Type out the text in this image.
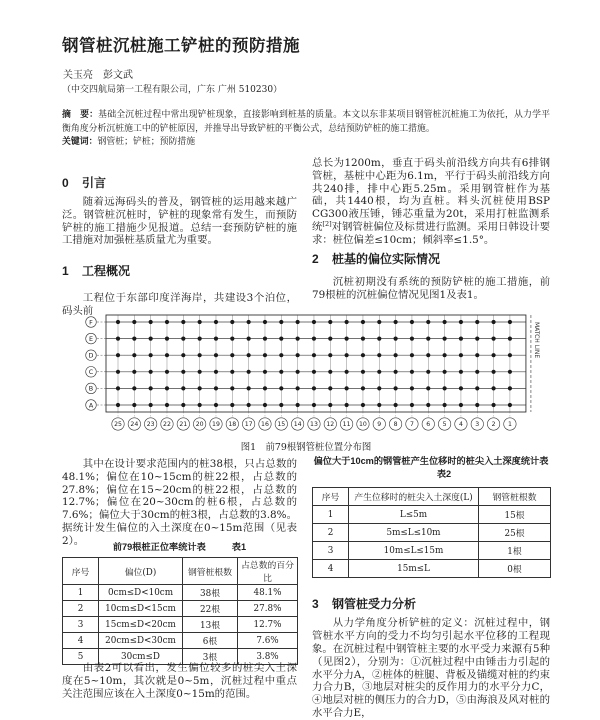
钢管桩沉桩施工铲桩的预防措施
关玉亮　彭文武
（中交四航局第一工程有限公司，广东 广州 510230）
摘　要：基础全沉桩过程中常出现铲桩现象，直接影响到桩基的质量。本文以东非某项目钢管桩沉桩施工为依托，从力学平衡角度分析沉桩施工中的铲桩原因，并推导出导致铲桩的平衡公式，总结预防铲桩的施工措施。
关键词：钢管桩；铲桩；预防措施
0 引言
随着远海码头的普及，钢管桩的运用越来越广泛。钢管桩沉桩时，铲桩的现象常有发生，而预防铲桩的施工措施少见报道。总结一套预防铲桩的施工措施对加强桩基质量尤为重要。
1 工程概况
工程位于东部印度洋海岸，共建设3个泊位，码头前
总长为1200m，垂直于码头前沿线方向共有6排钢管桩，基桩中心距为6.1m，平行于码头前沿线方向共240排，排中心距5.25m。采用钢管桩作为基础，共1440根，均为直桩。料头沉桩使用BSP CG300液压锤，锤芯重量为20t，采用打桩监测系统[2]对钢管桩偏位及标贯进行监测。采用日韩设计要求：桩位偏差≤10cm；倾斜率≤1.5°。
2 桩基的偏位实际情况
沉桩初期没有系统的预防铲桩的施工措施，前79根桩的沉桩偏位情况见图1及表1。
25 24 23 22 21 20 19 18 17 16 15 14 13 12 11 10 9 8 7 6 5 4 3 2 1
F
E
D
C
B
A
MATCH LINE
图1　前79根钢管桩位置分布图
其中在设计要求范围内的桩38根，只占总数的48.1%；偏位在10~15cm的桩22根，占总数的27.8%；偏位在15~20cm的桩22根，占总数的12.7%；偏位在20~30cm的桩6根，占总数的7.6%；偏位大于30cm的桩3根，占总数的3.8%。据统计发生偏位的入土深度在0~15m范围（见表2）。
前79根桩正位率统计表	表1
序号	偏位(D)	钢管桩根数	占总数的百分比
1	0cm≤D<10cm	38根	48.1%
2	10cm≤D<15cm	22根	27.8%
3	15cm≤D<20cm	13根	12.7%
4	20cm≤D<30cm	6根	7.6%
5	30cm≤D	3根	3.8%
由表2可以看出，发生偏位较多的桩尖入土深度在5~10m，其次就是0~5m，沉桩过程中重点关注范围应该在入土深度0~15m的范围。
偏位大于10cm的钢管桩产生位移时的桩尖入土深度统计表表2
序号	产生位移时的桩尖入土深度(L)	钢管桩根数
1	L≤5m	15根
2	5m≤L≤10m	25根
3	10m≤L≤15m	1根
4	15m≤L	0根
3 钢管桩受力分析
从力学角度分析铲桩的定义：沉桩过程中，钢管桩水平方向的受力不均匀引起水平位移的工程现象。 在沉桩过程中钢管桩主要的水平受力来源有5种（见图2），分别为：①沉桩过程中由锤击力引起的水平分力A，②桩体的桩腿、背板及锚缆对桩的约束力合力B，③地层对桩尖的反作用力的水平分力C，④地层对桩的侧压力的合力D，⑤由海浪及风对桩的水平合力E，
